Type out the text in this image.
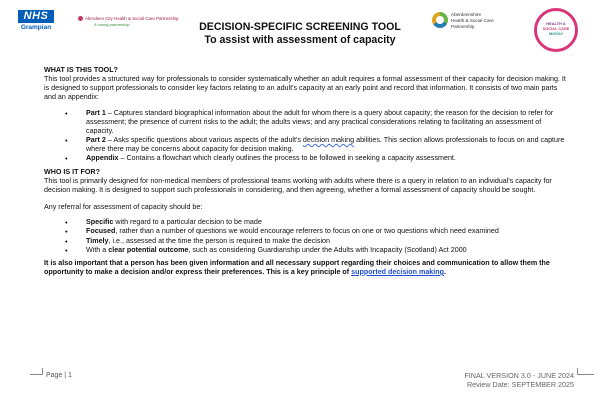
NHS
Grampian
Aberdeen City Health & Social Care Partnership
A caring partnership	DECISION-SPECIFIC SCREENING TOOL
To assist with assessment of capacity
Aberdeenshire
Health & Social Care
Partnership
HEALTH &
SOCIAL CARE
MORAY

WHAT IS THIS TOOL?

This tool provides a structured way for professionals to consider systematically whether an adult requires a formal assessment of their capacity for decision making. It is designed to support professionals to consider key factors relating to an adult's capacity at an early point and record that information. It consists of two main parts and an appendix:

• Part 1 – Captures standard biographical information about the adult for whom there is a query about capacity; the reason for the decision to refer for assessment; the presence of current risks to the adult; the adults views; and any practical considerations relating to facilitating an assessment of capacity.
• Part 2 – Asks specific questions about various aspects of the adult's decision making abilities. This section allows professionals to focus on and capture where there may be concerns about capacity for decision making.
• Appendix – Contains a flowchart which clearly outlines the process to be followed in seeking a capacity assessment.

WHO IS IT FOR?

This tool is primarily designed for non-medical members of professional teams working with adults where there is a query in relation to an individual's capacity for decision making. It is designed to support such professionals in considering, and then agreeing, whether a formal assessment of capacity should be sought.

Any referral for assessment of capacity should be:

• Specific with regard to a particular decision to be made
• Focused, rather than a number of questions we would encourage referrers to focus on one or two questions which need examined
• Timely, i.e., assessed at the time the person is required to make the decision
• With a clear potential outcome, such as considering Guardianship under the Adults with Incapacity (Scotland) Act 2000

It is also important that a person has been given information and all necessary support regarding their choices and communication to allow them the opportunity to make a decision and/or express their preferences. This is a key principle of supported decision making.

Page | 1	FINAL VERSION 3.0 - JUNE 2024
Review Date: SEPTEMBER 2025
